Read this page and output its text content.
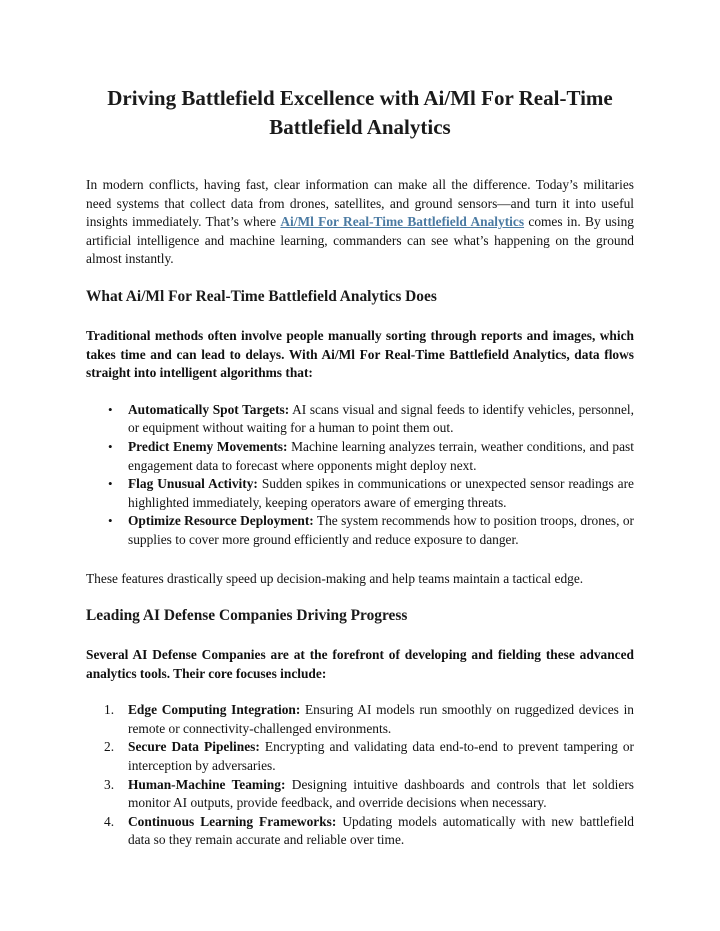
Driving Battlefield Excellence with Ai/Ml For Real-Time Battlefield Analytics

In modern conflicts, having fast, clear information can make all the difference. Today’s militaries need systems that collect data from drones, satellites, and ground sensors—and turn it into useful insights immediately. That’s where Ai/Ml For Real-Time Battlefield Analytics comes in. By using artificial intelligence and machine learning, commanders can see what’s happening on the ground almost instantly.

What Ai/Ml For Real-Time Battlefield Analytics Does

Traditional methods often involve people manually sorting through reports and images, which takes time and can lead to delays. With Ai/Ml For Real-Time Battlefield Analytics, data flows straight into intelligent algorithms that:

• Automatically Spot Targets: AI scans visual and signal feeds to identify vehicles, personnel, or equipment without waiting for a human to point them out.
• Predict Enemy Movements: Machine learning analyzes terrain, weather conditions, and past engagement data to forecast where opponents might deploy next.
• Flag Unusual Activity: Sudden spikes in communications or unexpected sensor readings are highlighted immediately, keeping operators aware of emerging threats.
• Optimize Resource Deployment: The system recommends how to position troops, drones, or supplies to cover more ground efficiently and reduce exposure to danger.

These features drastically speed up decision-making and help teams maintain a tactical edge.

Leading AI Defense Companies Driving Progress

Several AI Defense Companies are at the forefront of developing and fielding these advanced analytics tools. Their core focuses include:

1. Edge Computing Integration: Ensuring AI models run smoothly on ruggedized devices in remote or connectivity-challenged environments.
2. Secure Data Pipelines: Encrypting and validating data end-to-end to prevent tampering or interception by adversaries.
3. Human-Machine Teaming: Designing intuitive dashboards and controls that let soldiers monitor AI outputs, provide feedback, and override decisions when necessary.
4. Continuous Learning Frameworks: Updating models automatically with new battlefield data so they remain accurate and reliable over time.
